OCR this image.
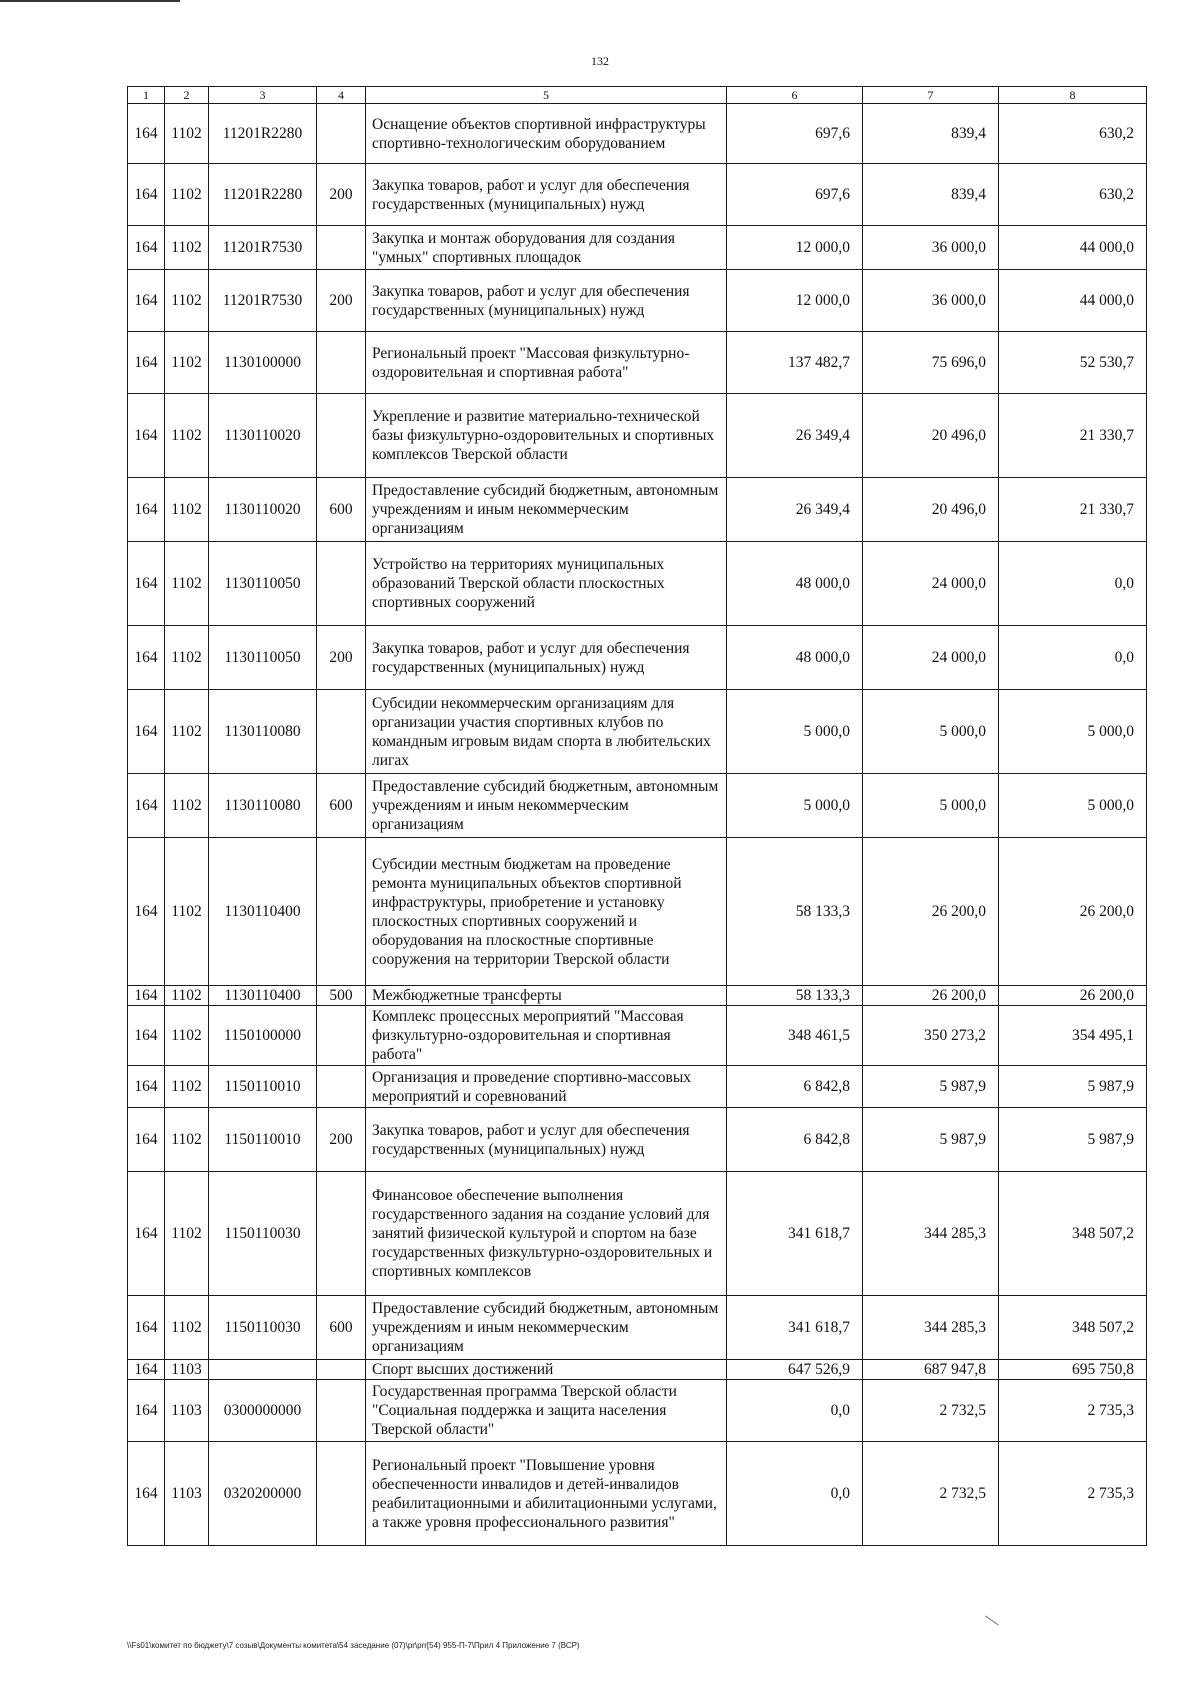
132
1	2	3	4	5	6	7	8
164	1102	11201R2280		Оснащение объектов спортивной инфраструктуры спортивно-технологическим оборудованием	697,6	839,4	630,2
164	1102	11201R2280	200	Закупка товаров, работ и услуг для обеспечения государственных (муниципальных) нужд	697,6	839,4	630,2
164	1102	11201R7530		Закупка и монтаж оборудования для создания "умных" спортивных площадок	12 000,0	36 000,0	44 000,0
164	1102	11201R7530	200	Закупка товаров, работ и услуг для обеспечения государственных (муниципальных) нужд	12 000,0	36 000,0	44 000,0
164	1102	1130100000		Региональный проект "Массовая физкультурно-оздоровительная и спортивная работа"	137 482,7	75 696,0	52 530,7
164	1102	1130110020		Укрепление и развитие материально-технической базы физкультурно-оздоровительных и спортивных комплексов Тверской области	26 349,4	20 496,0	21 330,7
164	1102	1130110020	600	Предоставление субсидий бюджетным, автономным учреждениям и иным некоммерческим организациям	26 349,4	20 496,0	21 330,7
164	1102	1130110050		Устройство на территориях муниципальных образований Тверской области плоскостных спортивных сооружений	48 000,0	24 000,0	0,0
164	1102	1130110050	200	Закупка товаров, работ и услуг для обеспечения государственных (муниципальных) нужд	48 000,0	24 000,0	0,0
164	1102	1130110080		Субсидии некоммерческим организациям для организации участия спортивных клубов по командным игровым видам спорта в любительских лигах	5 000,0	5 000,0	5 000,0
164	1102	1130110080	600	Предоставление субсидий бюджетным, автономным учреждениям и иным некоммерческим организациям	5 000,0	5 000,0	5 000,0
164	1102	1130110400		Субсидии местным бюджетам на проведение ремонта муниципальных объектов спортивной инфраструктуры, приобретение и установку плоскостных спортивных сооружений и оборудования на плоскостные спортивные сооружения на территории Тверской области	58 133,3	26 200,0	26 200,0
164	1102	1130110400	500	Межбюджетные трансферты	58 133,3	26 200,0	26 200,0
164	1102	1150100000		Комплекс процессных мероприятий "Массовая физкультурно-оздоровительная и спортивная работа"	348 461,5	350 273,2	354 495,1
164	1102	1150110010		Организация и проведение спортивно-массовых мероприятий и соревнований	6 842,8	5 987,9	5 987,9
164	1102	1150110010	200	Закупка товаров, работ и услуг для обеспечения государственных (муниципальных) нужд	6 842,8	5 987,9	5 987,9
164	1102	1150110030		Финансовое обеспечение выполнения государственного задания на создание условий для занятий физической культурой и спортом на базе государственных физкультурно-оздоровительных и спортивных комплексов	341 618,7	344 285,3	348 507,2
164	1102	1150110030	600	Предоставление субсидий бюджетным, автономным учреждениям и иным некоммерческим организациям	341 618,7	344 285,3	348 507,2
164	1103			Спорт высших достижений	647 526,9	687 947,8	695 750,8
164	1103	0300000000		Государственная программа Тверской области "Социальная поддержка и защита населения Тверской области"	0,0	2 732,5	2 735,3
164	1103	0320200000		Региональный проект "Повышение уровня обеспеченности инвалидов и детей-инвалидов реабилитационными и абилитационными услугами, а также уровня профессионального развития"	0,0	2 732,5	2 735,3
\\Fs01\комитет по бюджету\7 созыв\Документы комитета\54 заседание (07)\pr\prr[54) 955-П-7\Прил 4 Приложение 7 (ВСР)
